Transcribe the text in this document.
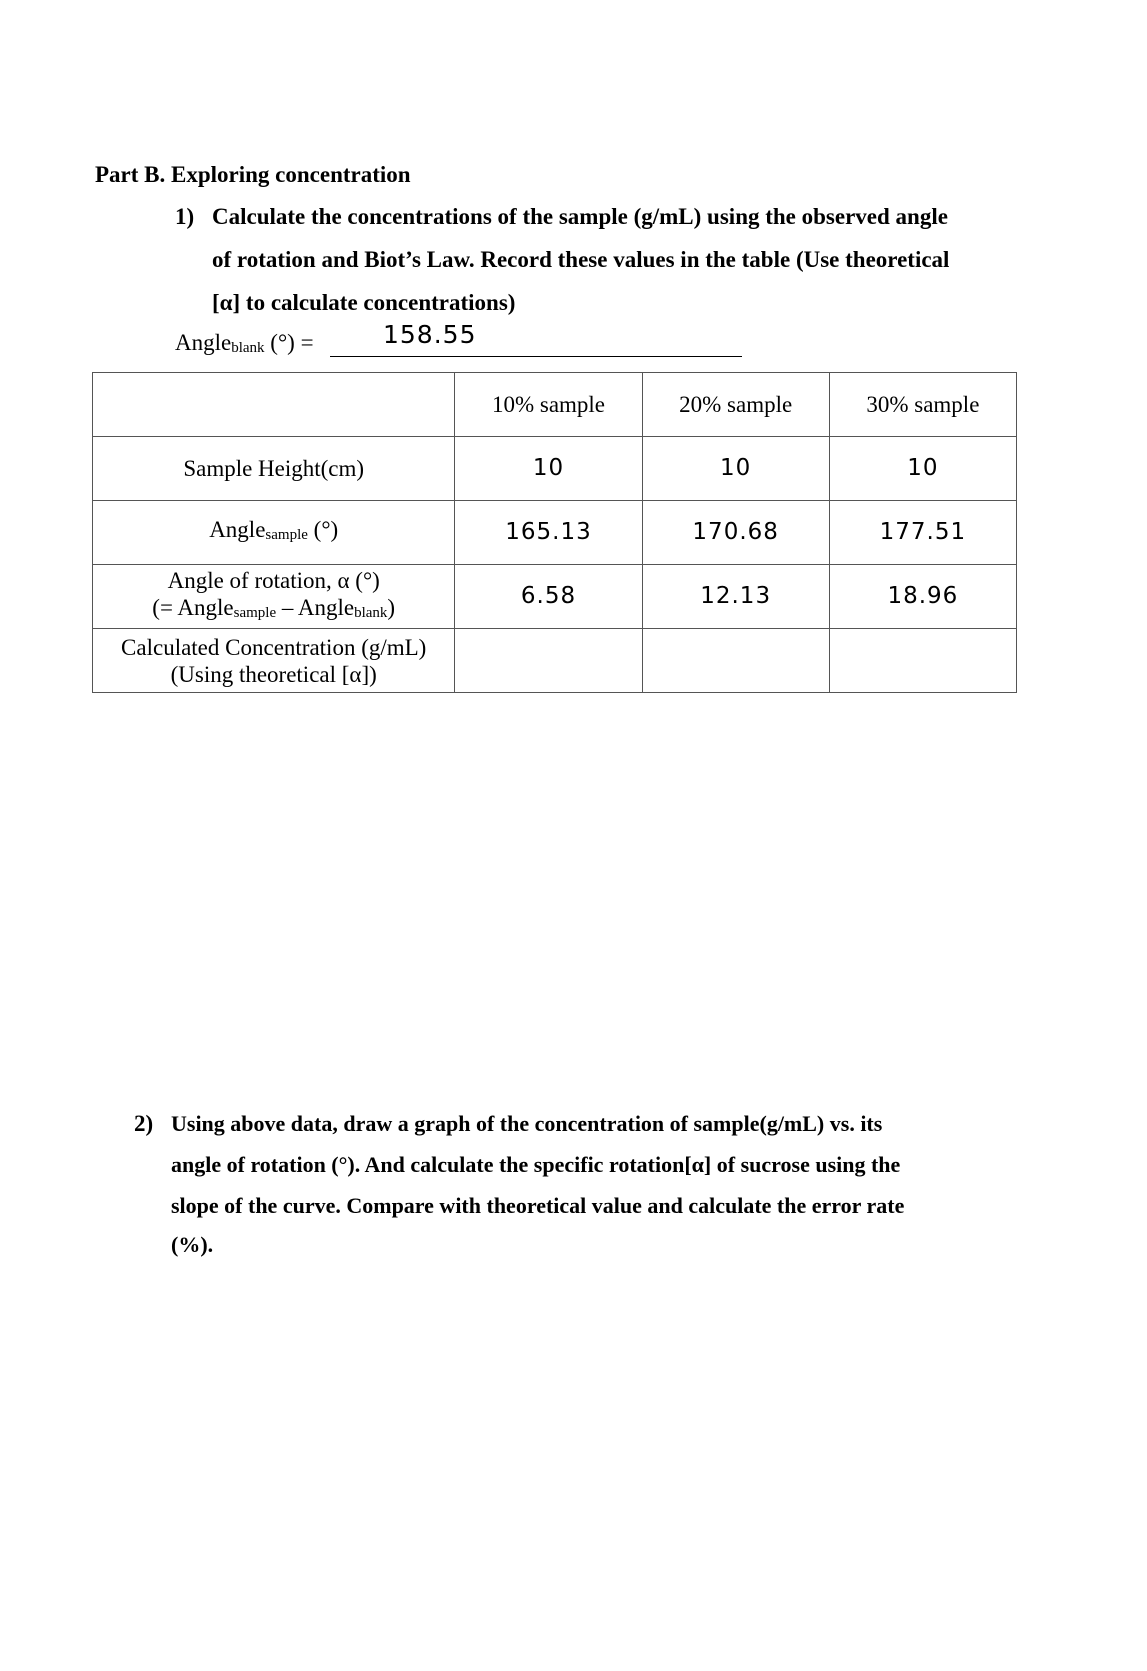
Part B. Exploring concentration
1) Calculate the concentrations of the sample (g/mL) using the observed angle
of rotation and Biot’s Law. Record these values in the table (Use theoretical
[α] to calculate concentrations)
Angle$_{blank}$ (°) =	158.55
	10% sample	20% sample	30% sample
Sample Height(cm)	10	10	10
Angle$_{sample}$ (°)	165.13	170.68	177.51

Angle of rotation, α (°)
(= Angle$_{sample}$ – Angle$_{blank}$)	6.58	12.13	18.96

Calculated Concentration (g/mL)
(Using theoretical [α])			

2) Using above data, draw a graph of the concentration of sample(g/mL) vs. its
angle of rotation (°). And calculate the specific rotation[α] of sucrose using the
slope of the curve. Compare with theoretical value and calculate the error rate
(%).
